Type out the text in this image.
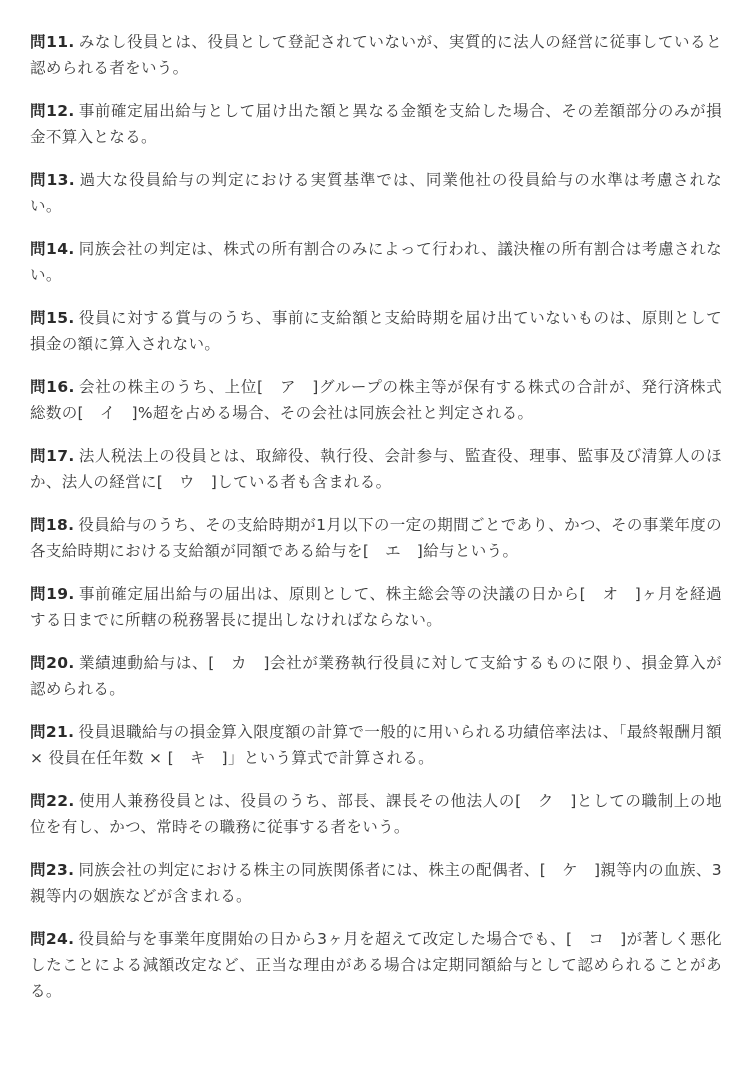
問11. みなし役員とは、役員として登記されていないが、実質的に法人の経営に従事していると認められる者をいう。

問12. 事前確定届出給与として届け出た額と異なる金額を支給した場合、その差額部分のみが損金不算入となる。

問13. 過大な役員給与の判定における実質基準では、同業他社の役員給与の水準は考慮されない。

問14. 同族会社の判定は、株式の所有割合のみによって行われ、議決権の所有割合は考慮されない。

問15. 役員に対する賞与のうち、事前に支給額と支給時期を届け出ていないものは、原則として損金の額に算入されない。

問16. 会社の株主のうち、上位[　ア　]グループの株主等が保有する株式の合計が、発行済株式総数の[　イ　]%超を占める場合、その会社は同族会社と判定される。

問17. 法人税法上の役員とは、取締役、執行役、会計参与、監査役、理事、監事及び清算人のほか、法人の経営に[　ウ　]している者も含まれる。

問18. 役員給与のうち、その支給時期が1月以下の一定の期間ごとであり、かつ、その事業年度の各支給時期における支給額が同額である給与を[　エ　]給与という。

問19. 事前確定届出給与の届出は、原則として、株主総会等の決議の日から[　オ　]ヶ月を経過する日までに所轄の税務署長に提出しなければならない。

問20. 業績連動給与は、[　カ　]会社が業務執行役員に対して支給するものに限り、損金算入が認められる。

問21. 役員退職給与の損金算入限度額の計算で一般的に用いられる功績倍率法は、「最終報酬月額 × 役員在任年数 × [　キ　]」という算式で計算される。

問22. 使用人兼務役員とは、役員のうち、部長、課長その他法人の[　ク　]としての職制上の地位を有し、かつ、常時その職務に従事する者をいう。

問23. 同族会社の判定における株主の同族関係者には、株主の配偶者、[　ケ　]親等内の血族、3親等内の姻族などが含まれる。

問24. 役員給与を事業年度開始の日から3ヶ月を超えて改定した場合でも、[　コ　]が著しく悪化したことによる減額改定など、正当な理由がある場合は定期同額給与として認められることがある。
